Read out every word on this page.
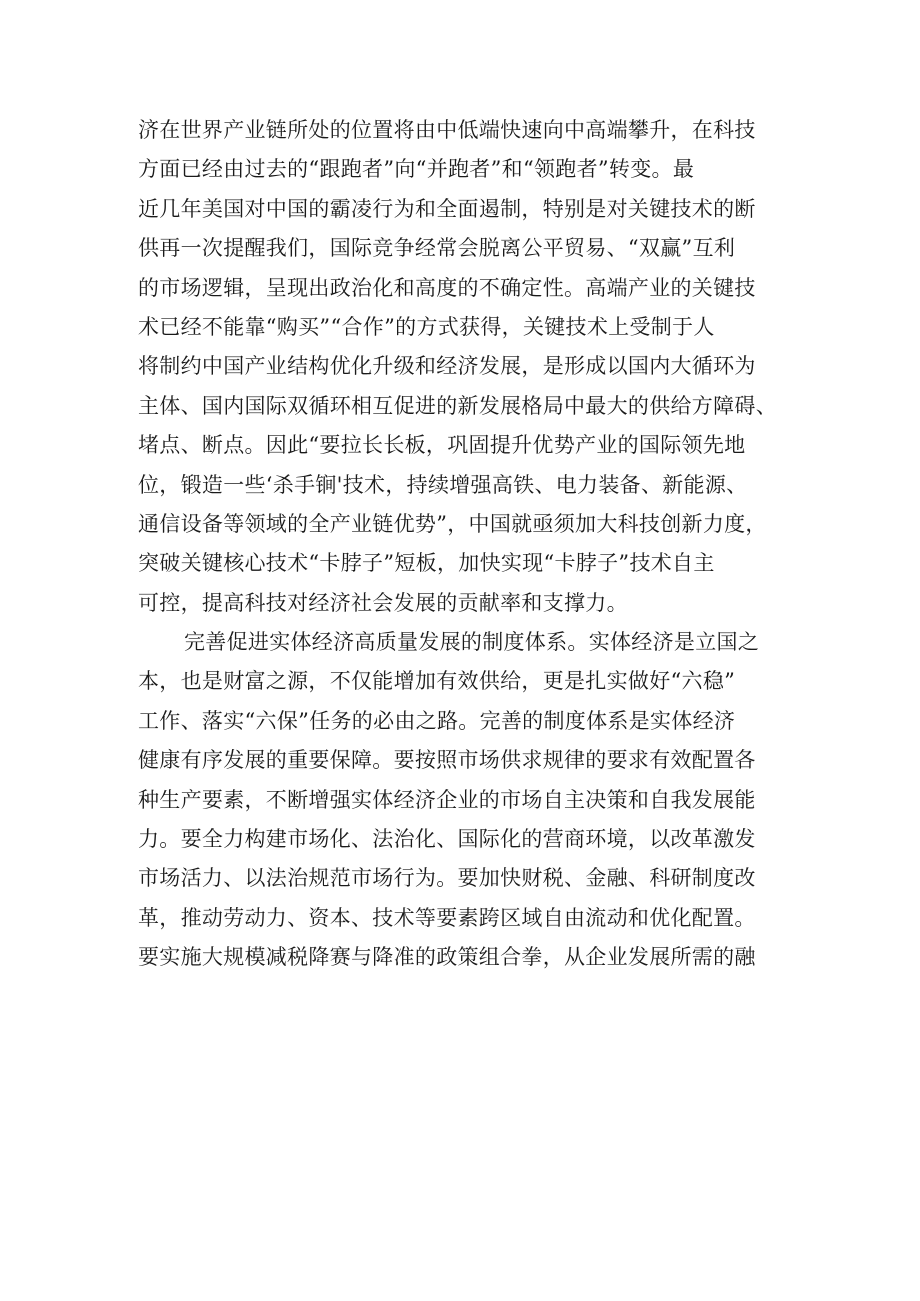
济在世界产业链所处的位置将由中低端快速向中高端攀升，在科技
方面已经由过去的“跟跑者”向“并跑者”和“领跑者”转变。最
近几年美国对中国的霸凌行为和全面遏制，特别是对关键技术的断
供再一次提醒我们，国际竞争经常会脱离公平贸易、“双赢”互利
的市场逻辑，呈现出政治化和高度的不确定性。高端产业的关键技
术已经不能靠“购买”“合作”的方式获得，关键技术上受制于人
将制约中国产业结构优化升级和经济发展，是形成以国内大循环为
主体、国内国际双循环相互促进的新发展格局中最大的供给方障碍、
堵点、断点。因此“要拉长长板，巩固提升优势产业的国际领先地
位，锻造一些‘杀手锏'技术，持续增强高铁、电力装备、新能源、
通信设备等领域的全产业链优势”，中国就亟须加大科技创新力度，
突破关键核心技术“卡脖子”短板，加快实现“卡脖子”技术自主
可控，提高科技对经济社会发展的贡献率和支撑力。
完善促进实体经济高质量发展的制度体系。实体经济是立国之
本，也是财富之源，不仅能增加有效供给，更是扎实做好“六稳”
工作、落实“六保”任务的必由之路。完善的制度体系是实体经济
健康有序发展的重要保障。要按照市场供求规律的要求有效配置各
种生产要素，不断增强实体经济企业的市场自主决策和自我发展能
力。要全力构建市场化、法治化、国际化的营商环境，以改革激发
市场活力、以法治规范市场行为。要加快财税、金融、科研制度改
革，推动劳动力、资本、技术等要素跨区域自由流动和优化配置。
要实施大规模减税降赛与降准的政策组合拳，从企业发展所需的融
